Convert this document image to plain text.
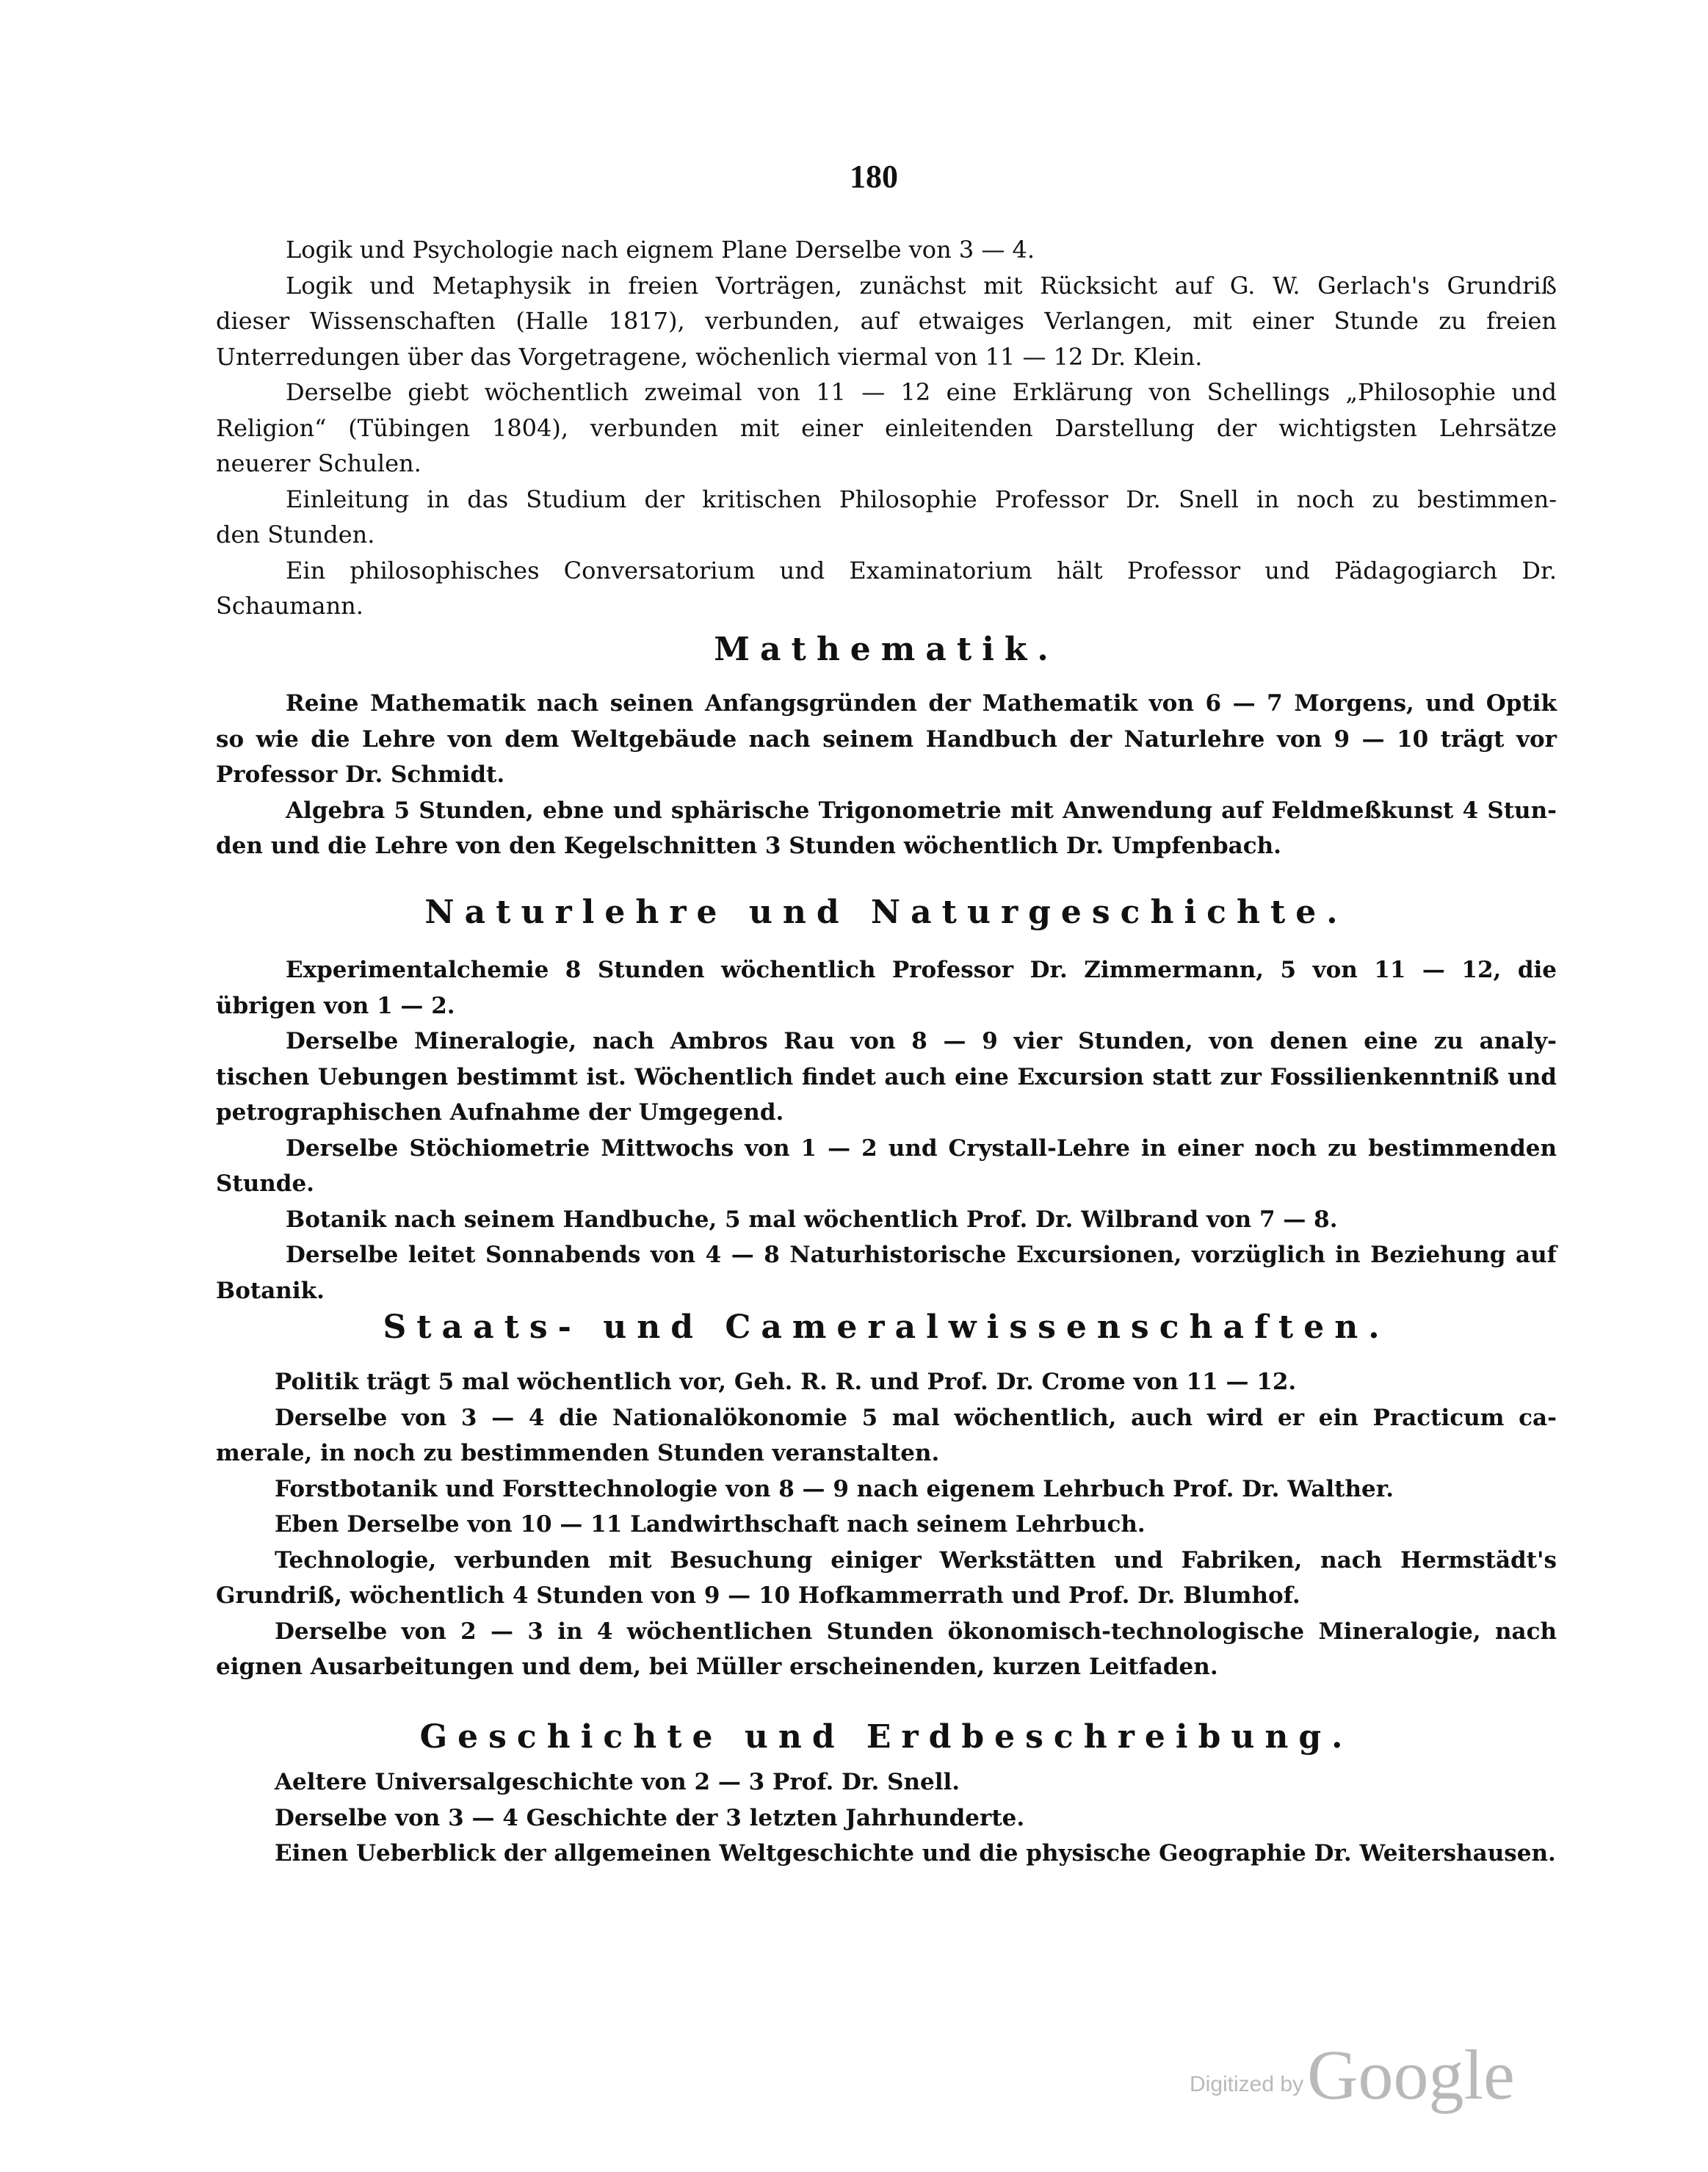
180
Logik und Psychologie nach eignem Plane Derselbe von 3 — 4.
Logik und Metaphysik in freien Vorträgen, zunächst mit Rücksicht auf G. W. Gerlach's Grundriß
dieser Wissenschaften (Halle 1817), verbunden, auf etwaiges Verlangen, mit einer Stunde zu freien
Unterredungen über das Vorgetragene, wöchenlich viermal von 11 — 12 Dr. Klein.
Derselbe giebt wöchentlich zweimal von 11 — 12 eine Erklärung von Schellings „Philosophie und
Religion“ (Tübingen 1804), verbunden mit einer einleitenden Darstellung der wichtigsten Lehrsätze
neuerer Schulen.
Einleitung in das Studium der kritischen Philosophie Professor Dr. Snell in noch zu bestimmen-
den Stunden.
Ein philosophisches Conversatorium und Examinatorium hält Professor und Pädagogiarch Dr.
Schaumann.
Mathematik.
Reine Mathematik nach seinen Anfangsgründen der Mathematik von 6 — 7 Morgens, und Optik
so wie die Lehre von dem Weltgebäude nach seinem Handbuch der Naturlehre von 9 — 10 trägt vor
Professor Dr. Schmidt.
Algebra 5 Stunden, ebne und sphärische Trigonometrie mit Anwendung auf Feldmeßkunst 4 Stun-
den und die Lehre von den Kegelschnitten 3 Stunden wöchentlich Dr. Umpfenbach.
Naturlehre und Naturgeschichte.
Experimentalchemie 8 Stunden wöchentlich Professor Dr. Zimmermann, 5 von 11 — 12, die
übrigen von 1 — 2.
Derselbe Mineralogie, nach Ambros Rau von 8 — 9 vier Stunden, von denen eine zu analy-
tischen Uebungen bestimmt ist. Wöchentlich findet auch eine Excursion statt zur Fossilienkenntniß und
petrographischen Aufnahme der Umgegend.
Derselbe Stöchiometrie Mittwochs von 1 — 2 und Crystall-Lehre in einer noch zu bestimmenden
Stunde.
Botanik nach seinem Handbuche, 5 mal wöchentlich Prof. Dr. Wilbrand von 7 — 8.
Derselbe leitet Sonnabends von 4 — 8 Naturhistorische Excursionen, vorzüglich in Beziehung auf
Botanik.
Staats- und Cameralwissenschaften.
Politik trägt 5 mal wöchentlich vor, Geh. R. R. und Prof. Dr. Crome von 11 — 12.
Derselbe von 3 — 4 die Nationalökonomie 5 mal wöchentlich, auch wird er ein Practicum ca-
merale, in noch zu bestimmenden Stunden veranstalten.
Forstbotanik und Forsttechnologie von 8 — 9 nach eigenem Lehrbuch Prof. Dr. Walther.
Eben Derselbe von 10 — 11 Landwirthschaft nach seinem Lehrbuch.
Technologie, verbunden mit Besuchung einiger Werkstätten und Fabriken, nach Hermstädt's
Grundriß, wöchentlich 4 Stunden von 9 — 10 Hofkammerrath und Prof. Dr. Blumhof.
Derselbe von 2 — 3 in 4 wöchentlichen Stunden ökonomisch-technologische Mineralogie, nach
eignen Ausarbeitungen und dem, bei Müller erscheinenden, kurzen Leitfaden.
Geschichte und Erdbeschreibung.
Aeltere Universalgeschichte von 2 — 3 Prof. Dr. Snell.
Derselbe von 3 — 4 Geschichte der 3 letzten Jahrhunderte.
Einen Ueberblick der allgemeinen Weltgeschichte und die physische Geographie Dr. Weitershausen.
Digitized by Google
